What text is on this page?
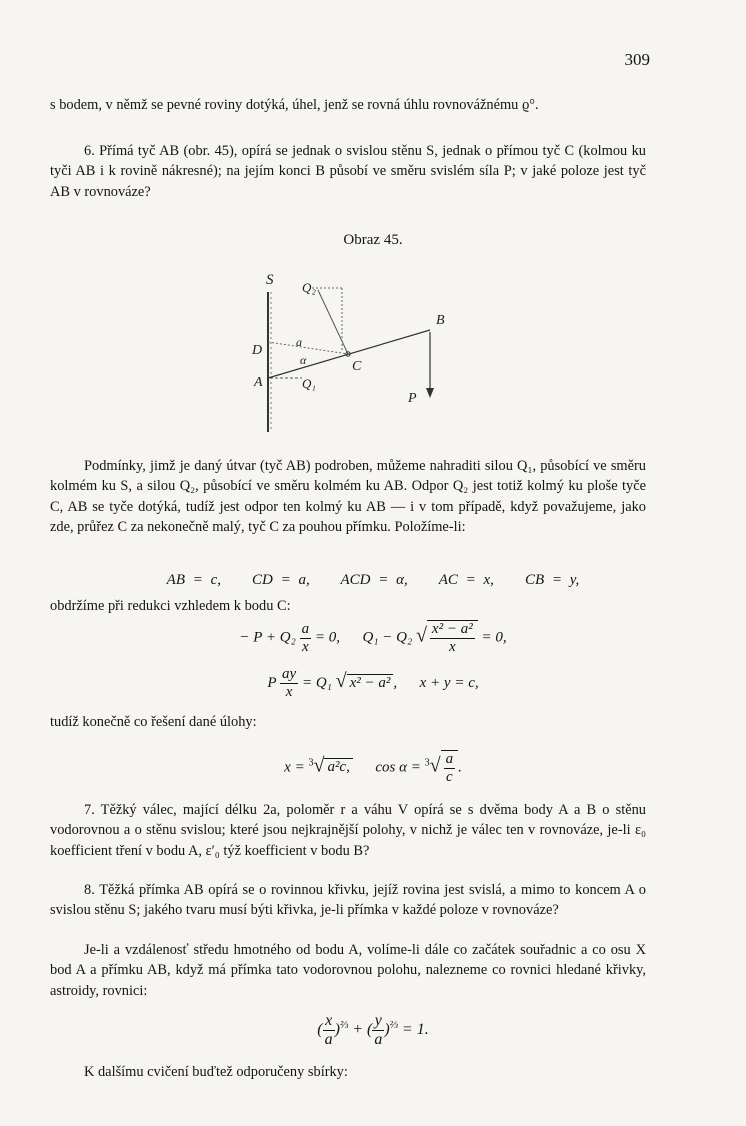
309

s bodem, v němž se pevné roviny dotýká, úhel, jenž se rovná úhlu rovnovážnému ϱ°.

6. Přímá tyč AB (obr. 45), opírá se jednak o svislou stěnu S, jednak o přímou tyč C (kolmou ku tyči AB i k rovině nákresné); na jejím konci B působí ve směru svislém síla P; v jaké poloze jest tyč AB v rovnováze?

Obraz 45.
S Q₂
B
D
a
α	C
A	Q₁
P

Podmínky, jimž je daný útvar (tyč AB) podroben, můžeme nahraditi silou Q₁, působící ve směru kolmém ku S, a silou Q₂, působící ve směru kolmém ku AB. Odpor Q₂ jest totiž kolmý ku ploše tyče C, AB se tyče dotýká, tudíž jest odpor ten kolmý ku AB — i v tom případě, když považujeme, jako zde, průřez C za nekonečně malý, tyč C za pouhou přímku. Položíme-li:

AB = c, CD = a, ACD = α, AC = x, CB = y,

obdržíme při redukci vzhledem k bodu C:

− $P + Q_2 \frac{a}{x} = 0$, Q₁ − Q₂ √ $\frac{\text{x² − a²}}{x} = 0$,
P $\frac{ay}{x} = Q_1$ √ x² − a² , x + y = c,

tudíž konečně co řešení dané úlohy:

x = $^3$√ a²c, $\cos \alpha = ^3√ \frac{a}{c}$ .

7. Těžký válec, mající délku 2a, poloměr r a váhu V opírá se s dvěma body A a B o stěnu vodorovnou a o stěnu svislou; které jsou nejkrajnější polohy, v nichž je válec ten v rovnováze, je-li ε₀ koefficient tření v bodu A, ε′₀ týž koefficient v bodu B?

8. Těžká přímka AB opírá se o rovinnou křivku, jejíž rovina jest svislá, a mimo to koncem A o svislou stěnu S; jakého tvaru musí býti křivka, je-li přímka v každé poloze v rovnováze?

Je-li a vzdálenosť středu hmotného od bodu A, volíme-li dále co začátek souřadnic a co osu X bod A a přímku AB, když má přímka tato vodorovnou polohu, nalezneme co rovnici hledané křivky, astroidy, rovnici:

( $\frac{x}{a} )^{\frac{2}{3}}$ + ( $\frac{y}{a} )^{\frac{2}{3}} = 1$.

K dalšímu cvičení buďtež odporučeny sbírky:
